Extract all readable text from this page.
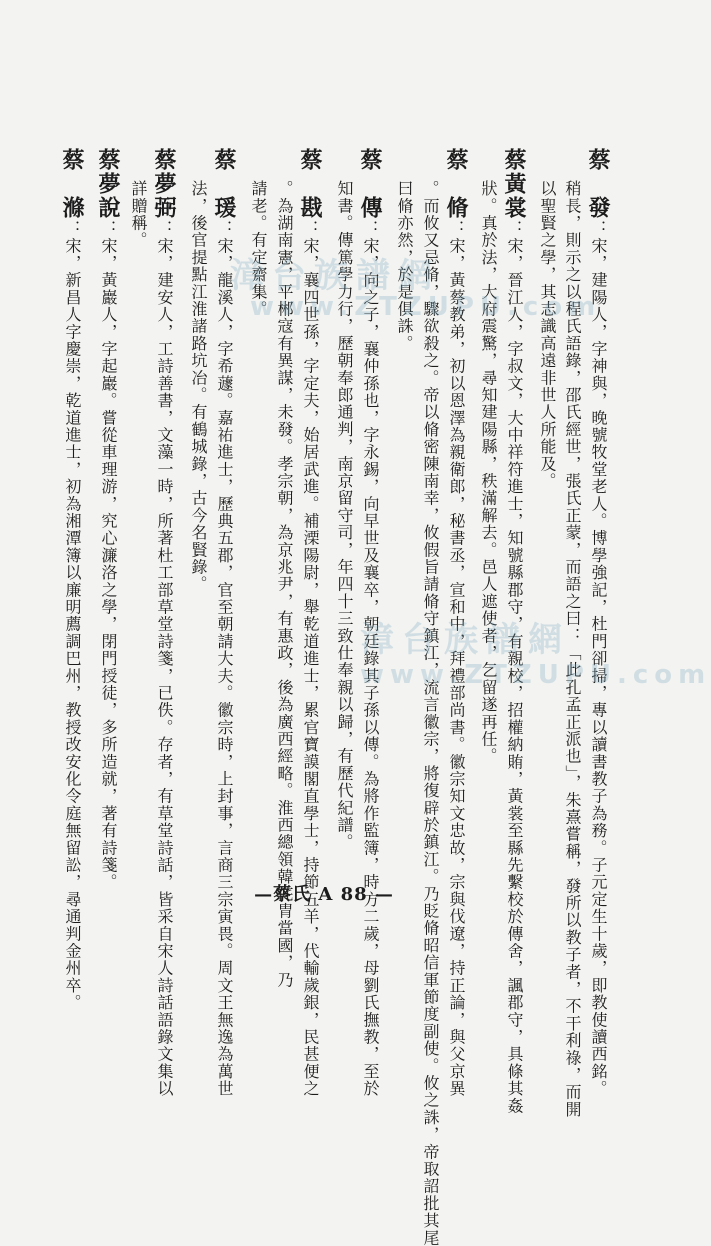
蔡　發：宋，建陽人，字神與，晚號牧堂老人。博學強記，杜門卻掃，專以讀書教子為務。子元定生十歲，即教使讀西銘。
稍長，則示之以程氏語錄，邵氏經世，張氏正蒙，而語之曰：「此孔孟正派也」，朱熹嘗稱，發所以教子者，不干利祿，而開
以聖賢之學，其志識高遠非世人所能及。
蔡黃裳：宋，晉江人，字叔文，大中祥符進士，知號縣郡守，有親校，招權納賄，黃裳至縣先繫校於傳舍，諷郡守，具條其姦
狀。真於法，大府震驚，尋知建陽縣，秩滿解去。邑人遮使者，乞留遂再任。
蔡　脩：宋，黃蔡教弟，初以恩澤為親衛郎，秘書丞，宣和中，拜禮部尚書。徽宗知文忠故，宗與伐遼，持正論，與父京異
。而攸又忌脩，驟欲殺之。帝以脩密陳南幸，攸假旨請脩守鎮江，流言徽宗，將復辟於鎮江。乃貶脩昭信軍節度副使。攸之誅，帝取詔批其尾
曰脩亦然，於是俱誅。
蔡　傳：宋，向之子，襄仲孫也，字永錫，向早世及襄卒，朝廷錄其子孫以傳。為將作監簿，時方二歲，母劉氏撫教，至於
知書。傳篤學力行，歷朝奉郎通判，南京留守司，年四十三致仕奉親以歸，有歷代紀譜。
蔡　戡：宋，襄四世孫，字定夫，始居武進。補溧陽尉，舉乾道進士，累官寶謨閣直學士，持節五羊，代輸歲銀，民甚便之
。為湖南憲，平郴寇有異謀，未發。孝宗朝，為京兆尹，有惠政，後為廣西經略。淮西總領韓侂胄當國，乃
請老。有定齋集。
蔡　瑗：宋，龍溪人，字希蘧。嘉祐進士，歷典五郡，官至朝請大夫。徽宗時，上封事，言商三宗寅畏。周文王無逸為萬世
法，後官提點江淮諸路坑冶。有鶴城錄，古今名賢錄。
蔡夢弼：宋，建安人，工詩善書，文藻一時，所著杜工部草堂詩箋，已佚。存者，有草堂詩話，皆采自宋人詩話語錄文集以
詳贈稱。
蔡夢說：宋，黃巖人，字起巖。嘗從車理游，究心濂洛之學，閉門授徒，多所造就，著有詩箋。
蔡　滌：宋，新昌人字慶崇，乾道進士，初為湘潭簿以廉明薦調巴州，教授改安化令庭無留訟，尋通判金州卒。	漳台族譜網
www.ZTZUPU.com
漳台族譜網
www.ZTZUPU.com
—蔡氏 A 88 —
